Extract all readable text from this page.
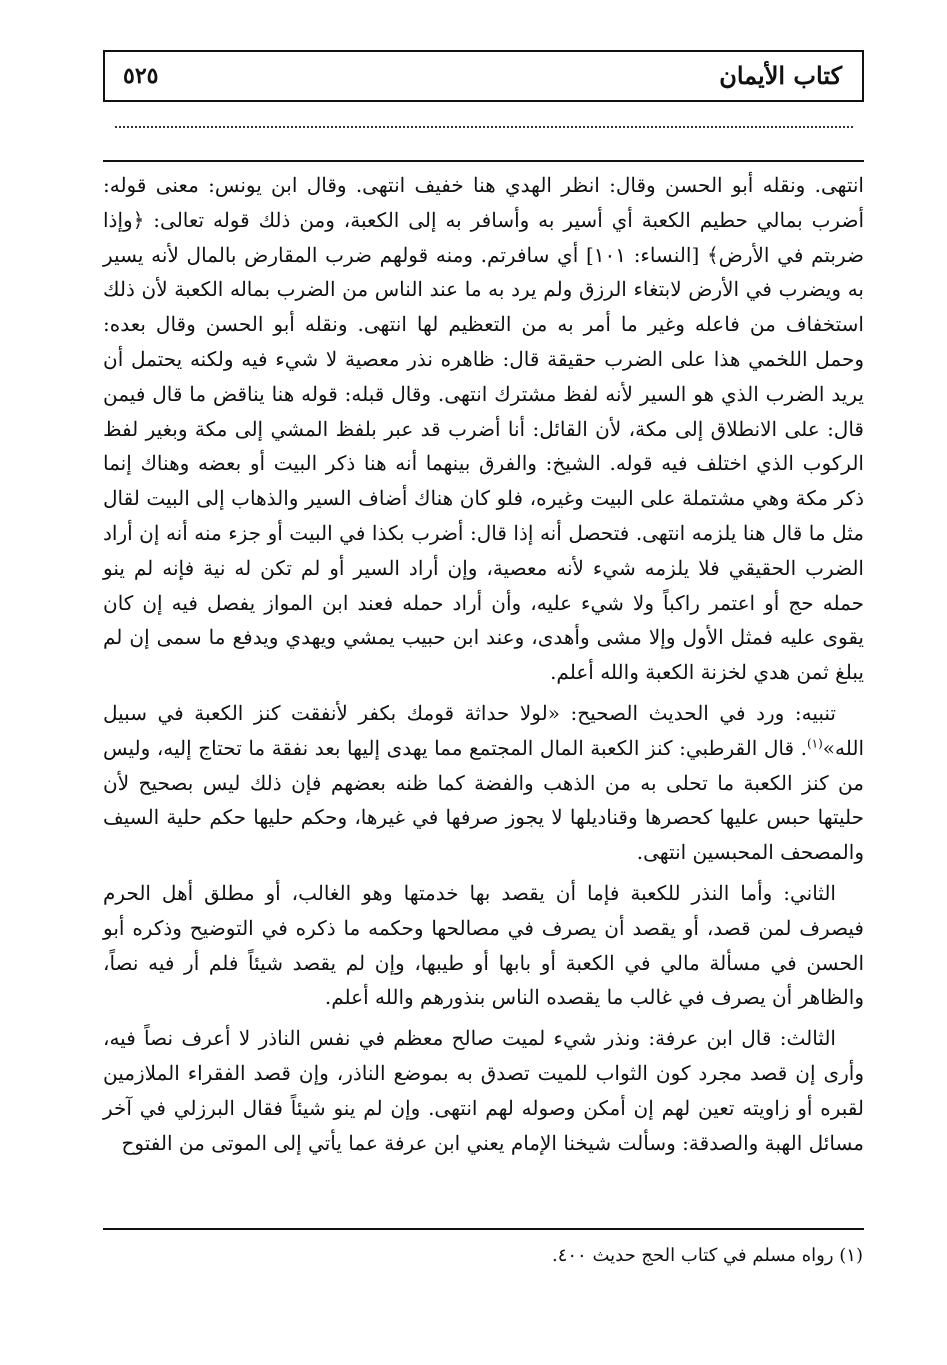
كتاب الأيمان
٥٢٥

انتهى. ونقله أبو الحسن وقال: انظر الهدي هنا خفيف انتهى. وقال ابن يونس: معنى قوله: أضرب بمالي حطيم الكعبة أي أسير به وأسافر به إلى الكعبة، ومن ذلك قوله تعالى: ﴿وإذا ضربتم في الأرض﴾ [النساء: ١٠١] أي سافرتم. ومنه قولهم ضرب المقارض بالمال لأنه يسير به ويضرب في الأرض لابتغاء الرزق ولم يرد به ما عند الناس من الضرب بماله الكعبة لأن ذلك استخفاف من فاعله وغير ما أمر به من التعظيم لها انتهى. ونقله أبو الحسن وقال بعده: وحمل اللخمي هذا على الضرب حقيقة قال: ظاهره نذر معصية لا شيء فيه ولكنه يحتمل أن يريد الضرب الذي هو السير لأنه لفظ مشترك انتهى. وقال قبله: قوله هنا يناقض ما قال فيمن قال: على الانطلاق إلى مكة، لأن القائل: أنا أضرب قد عبر بلفظ المشي إلى مكة وبغير لفظ الركوب الذي اختلف فيه قوله. الشيخ: والفرق بينهما أنه هنا ذكر البيت أو بعضه وهناك إنما ذكر مكة وهي مشتملة على البيت وغيره، فلو كان هناك أضاف السير والذهاب إلى البيت لقال مثل ما قال هنا يلزمه انتهى. فتحصل أنه إذا قال: أضرب بكذا في البيت أو جزء منه أنه إن أراد الضرب الحقيقي فلا يلزمه شيء لأنه معصية، وإن أراد السير أو لم تكن له نية فإنه لم ينو حمله حج أو اعتمر راكباً ولا شيء عليه، وأن أراد حمله فعند ابن المواز يفصل فيه إن كان يقوى عليه فمثل الأول وإلا مشى وأهدى، وعند ابن حبيب يمشي ويهدي ويدفع ما سمى إن لم يبلغ ثمن هدي لخزنة الكعبة والله أعلم.

تنبيه: ورد في الحديث الصحيح: «لولا حداثة قومك بكفر لأنفقت كنز الكعبة في سبيل الله»$^{(١)}$. قال القرطبي: كنز الكعبة المال المجتمع مما يهدى إليها بعد نفقة ما تحتاج إليه، وليس من كنز الكعبة ما تحلى به من الذهب والفضة كما ظنه بعضهم فإن ذلك ليس بصحيح لأن حليتها حبس عليها كحصرها وقناديلها لا يجوز صرفها في غيرها، وحكم حليها حكم حلية السيف والمصحف المحبسين انتهى.

الثاني: وأما النذر للكعبة فإما أن يقصد بها خدمتها وهو الغالب، أو مطلق أهل الحرم فيصرف لمن قصد، أو يقصد أن يصرف في مصالحها وحكمه ما ذكره في التوضيح وذكره أبو الحسن في مسألة مالي في الكعبة أو بابها أو طيبها، وإن لم يقصد شيئاً فلم أر فيه نصاً، والظاهر أن يصرف في غالب ما يقصده الناس بنذورهم والله أعلم.

الثالث: قال ابن عرفة: ونذر شيء لميت صالح معظم في نفس الناذر لا أعرف نصاً فيه، وأرى إن قصد مجرد كون الثواب للميت تصدق به بموضع الناذر، وإن قصد الفقراء الملازمين لقبره أو زاويته تعين لهم إن أمكن وصوله لهم انتهى. وإن لم ينو شيئاً فقال البرزلي في آخر مسائل الهبة والصدقة: وسألت شيخنا الإمام يعني ابن عرفة عما يأتي إلى الموتى من الفتوح

(١) رواه مسلم في كتاب الحج حديث ٤٠٠.
